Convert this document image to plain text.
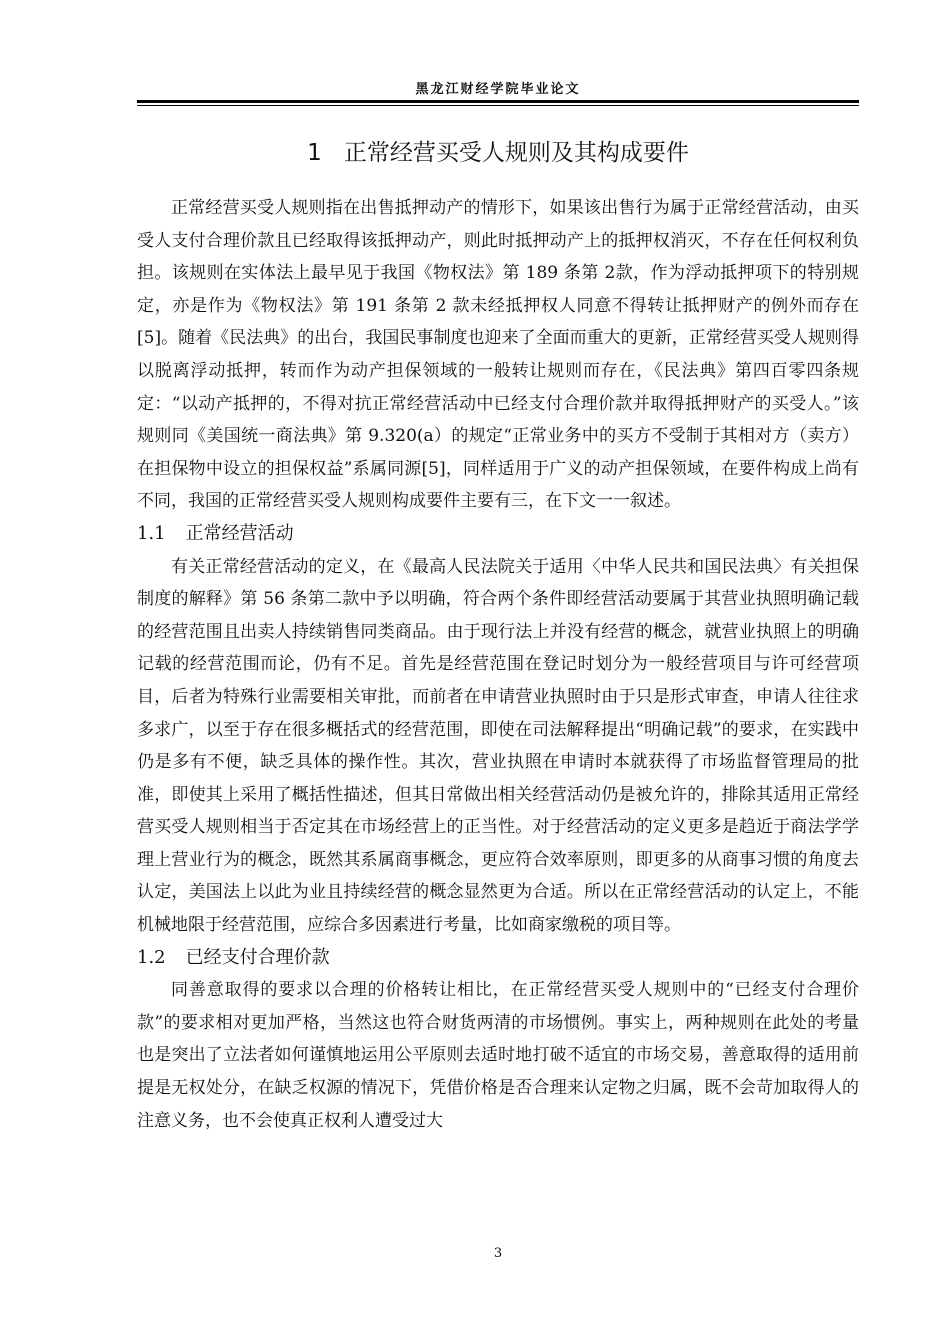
黑龙江财经学院毕业论文
1 正常经营买受人规则及其构成要件

正常经营买受人规则指在出售抵押动产的情形下，如果该出售行为属于正常经营活动，由买受人支付合理价款且已经取得该抵押动产，则此时抵押动产上的抵押权消灭，不存在任何权利负担。该规则在实体法上最早见于我国《物权法》第 189 条第 2款，作为浮动抵押项下的特别规定，亦是作为《物权法》第 191 条第 2 款未经抵押权人同意不得转让抵押财产的例外而存在[5]。随着《民法典》的出台，我国民事制度也迎来了全面而重大的更新，正常经营买受人规则得以脱离浮动抵押，转而作为动产担保领域的一般转让规则而存在，《民法典》第四百零四条规定：“以动产抵押的，不得对抗正常经营活动中已经支付合理价款并取得抵押财产的买受人。”该规则同《美国统一商法典》第 9.320(a）的规定“正常业务中的买方不受制于其相对方（卖方）在担保物中设立的担保权益”系属同源[5]，同样适用于广义的动产担保领域，在要件构成上尚有不同，我国的正常经营买受人规则构成要件主要有三，在下文一一叙述。

1.1 正常经营活动

有关正常经营活动的定义，在《最高人民法院关于适用〈中华人民共和国民法典〉有关担保制度的解释》第 56 条第二款中予以明确，符合两个条件即经营活动要属于其营业执照明确记载的经营范围且出卖人持续销售同类商品。由于现行法上并没有经营的概念，就营业执照上的明确记载的经营范围而论，仍有不足。首先是经营范围在登记时划分为一般经营项目与许可经营项目，后者为特殊行业需要相关审批，而前者在申请营业执照时由于只是形式审查，申请人往往求多求广，以至于存在很多概括式的经营范围，即使在司法解释提出“明确记载”的要求，在实践中仍是多有不便，缺乏具体的操作性。其次，营业执照在申请时本就获得了市场监督管理局的批准，即使其上采用了概括性描述，但其日常做出相关经营活动仍是被允许的，排除其适用正常经营买受人规则相当于否定其在市场经营上的正当性。对于经营活动的定义更多是趋近于商法学学理上营业行为的概念，既然其系属商事概念，更应符合效率原则，即更多的从商事习惯的角度去认定，美国法上以此为业且持续经营的概念显然更为合适。所以在正常经营活动的认定上，不能机械地限于经营范围，应综合多因素进行考量，比如商家缴税的项目等。

1.2 已经支付合理价款

同善意取得的要求以合理的价格转让相比，在正常经营买受人规则中的“已经支付合理价款”的要求相对更加严格，当然这也符合财货两清的市场惯例。事实上，两种规则在此处的考量也是突出了立法者如何谨慎地运用公平原则去适时地打破不适宜的市场交易，善意取得的适用前提是无权处分，在缺乏权源的情况下，凭借价格是否合理来认定物之归属，既不会苛加取得人的注意义务，也不会使真正权利人遭受过大

3
